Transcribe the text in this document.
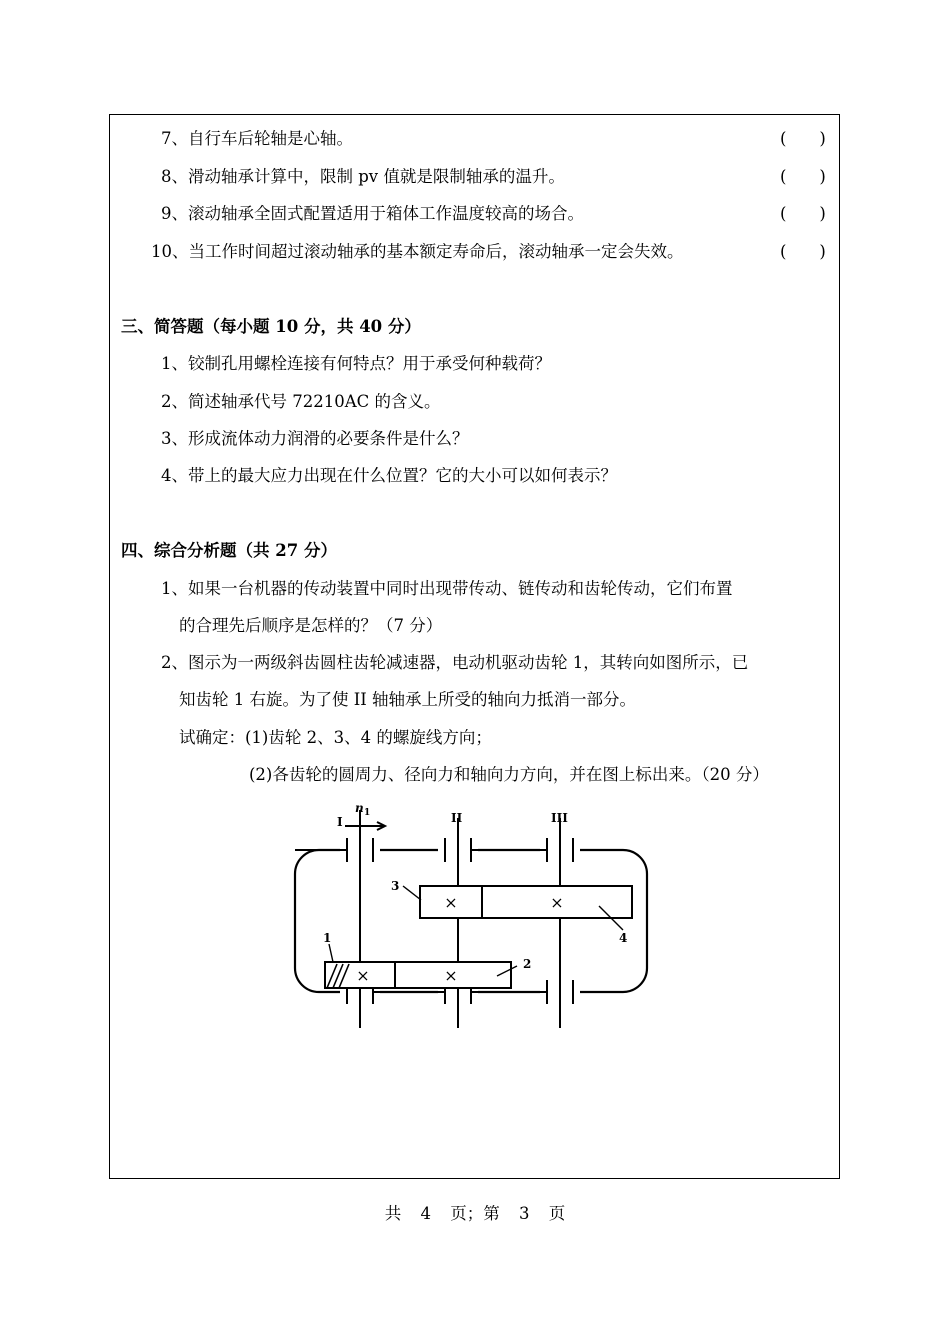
7、自行车后轮轴是心轴。	(　　)
8、滑动轴承计算中，限制 pv 值就是限制轴承的温升。	(　　)
9、滚动轴承全固式配置适用于箱体工作温度较高的场合。	(　　)
10、当工作时间超过滚动轴承的基本额定寿命后，滚动轴承一定会失效。	(　　)
三、简答题（每小题 10 分，共 40 分）
1、铰制孔用螺栓连接有何特点？用于承受何种载荷？
2、简述轴承代号 72210AC 的含义。
3、形成流体动力润滑的必要条件是什么？
4、带上的最大应力出现在什么位置？它的大小可以如何表示？
四、综合分析题（共 27 分）
1、如果一台机器的传动装置中同时出现带传动、链传动和齿轮传动，它们布置
的合理先后顺序是怎样的？（7 分）
2、图示为一两级斜齿圆柱齿轮减速器，电动机驱动齿轮 1，其转向如图所示，已
知齿轮 1 右旋。为了使 II 轴轴承上所受的轴向力抵消一部分。
试确定：(1)齿轮 2、3、4 的螺旋线方向；
(2)各齿轮的圆周力、径向力和轴向力方向，并在图上标出来。（20 分）
×	×
×	×
3
4
1
2
I	II	III
n 1
共 4 页；第 3 页
